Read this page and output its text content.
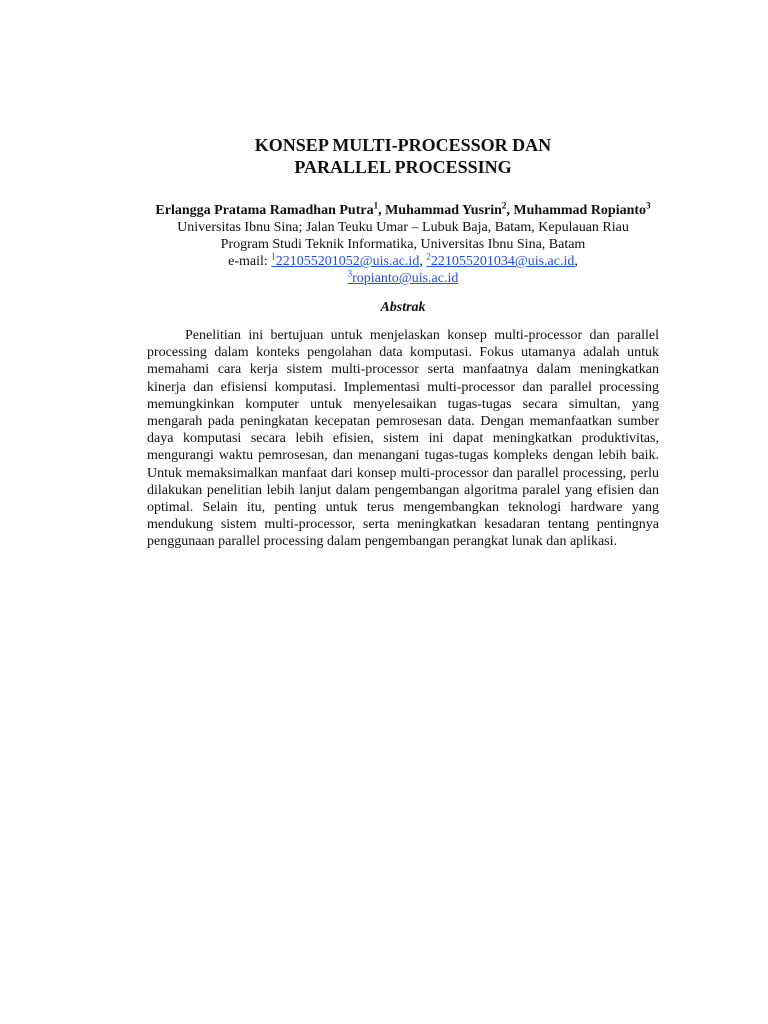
KONSEP MULTI-PROCESSOR DAN
PARALLEL PROCESSING
Erlangga Pratama Ramadhan Putra$^1$, Muhammad Yusrin$^2$, Muhammad Ropianto$^3$
Universitas Ibnu Sina; Jalan Teuku Umar – Lubuk Baja, Batam, Kepulauan Riau
Program Studi Teknik Informatika, Universitas Ibnu Sina, Batam
e-mail: $^1$221055201052@uis.ac.id, $^2$221055201034@uis.ac.id,
$^3$ropianto@uis.ac.id
Abstrak

Penelitian ini bertujuan untuk menjelaskan konsep multi-processor dan parallel processing dalam konteks pengolahan data komputasi. Fokus utamanya adalah untuk memahami cara kerja sistem multi-processor serta manfaatnya dalam meningkatkan kinerja dan efisiensi komputasi. Implementasi multi-processor dan parallel processing memungkinkan komputer untuk menyelesaikan tugas-tugas secara simultan, yang mengarah pada peningkatan kecepatan pemrosesan data. Dengan memanfaatkan sumber daya komputasi secara lebih efisien, sistem ini dapat meningkatkan produktivitas, mengurangi waktu pemrosesan, dan menangani tugas-tugas kompleks dengan lebih baik. Untuk memaksimalkan manfaat dari konsep multi-processor dan parallel processing, perlu dilakukan penelitian lebih lanjut dalam pengembangan algoritma paralel yang efisien dan optimal. Selain itu, penting untuk terus mengembangkan teknologi hardware yang mendukung sistem multi-processor, serta meningkatkan kesadaran tentang pentingnya penggunaan parallel processing dalam pengembangan perangkat lunak dan aplikasi.
